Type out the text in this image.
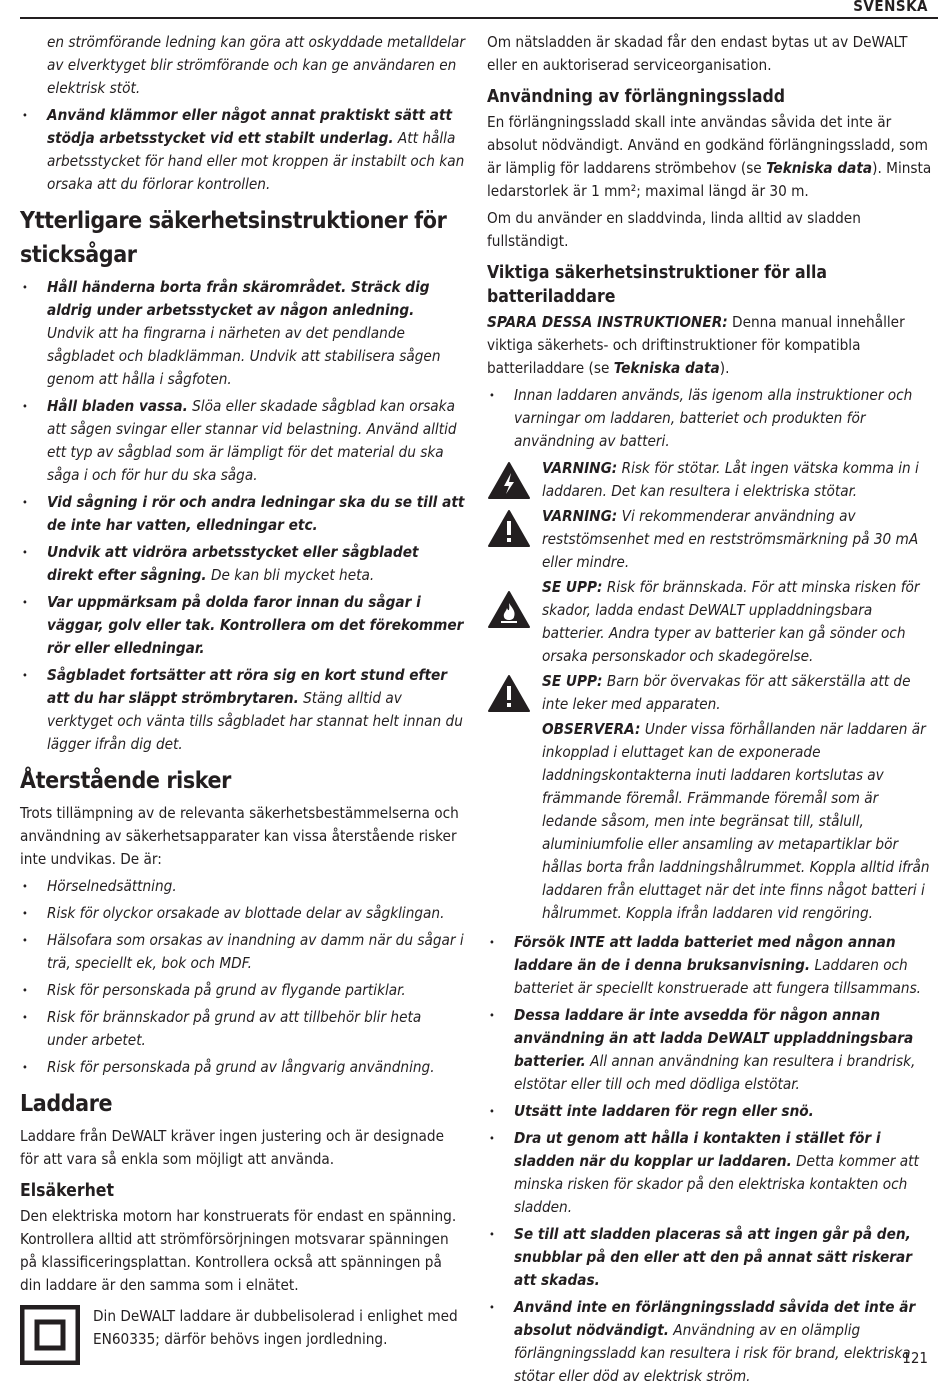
SVENSKA
en strömförande ledning kan göra att oskyddade metalldelar av elverktyget blir strömförande och kan ge användaren en elektrisk stöt.
• Använd klämmor eller något annat praktiskt sätt att stödja arbetsstycket vid ett stabilt underlag. Att hålla arbetsstycket för hand eller mot kroppen är instabilt och kan orsaka att du förlorar kontrollen.
Ytterligare säkerhetsinstruktioner för sticksågar
• Håll händerna borta från skärområdet. Sträck dig aldrig under arbetsstycket av någon anledning. Undvik att ha fingrarna i närheten av det pendlande sågbladet och bladklämman. Undvik att stabilisera sågen genom att hålla i sågfoten.
• Håll bladen vassa. Slöa eller skadade sågblad kan orsaka att sågen svingar eller stannar vid belastning. Använd alltid ett typ av sågblad som är lämpligt för det material du ska såga i och för hur du ska såga.
• Vid sågning i rör och andra ledningar ska du se till att de inte har vatten, elledningar etc.
• Undvik att vidröra arbetsstycket eller sågbladet direkt efter sågning. De kan bli mycket heta.
• Var uppmärksam på dolda faror innan du sågar i väggar, golv eller tak. Kontrollera om det förekommer rör eller elledningar.
• Sågbladet fortsätter att röra sig en kort stund efter att du har släppt strömbrytaren. Stäng alltid av verktyget och vänta tills sågbladet har stannat helt innan du lägger ifrån dig det.
Återstående risker

Trots tillämpning av de relevanta säkerhetsbestämmelserna och användning av säkerhetsapparater kan vissa återstående risker inte undvikas. De är:

• Hörselnedsättning.
• Risk för olyckor orsakade av blottade delar av sågklingan.
• Hälsofara som orsakas av inandning av damm när du sågar i trä, speciellt ek, bok och MDF.
• Risk för personskada på grund av flygande partiklar.
• Risk för brännskador på grund av att tillbehör blir heta under arbetet.
• Risk för personskada på grund av långvarig användning.
Laddare

Laddare från DeWALT kräver ingen justering och är designade för att vara så enkla som möjligt att använda.

Elsäkerhet

Den elektriska motorn har konstruerats för endast en spänning. Kontrollera alltid att strömförsörjningen motsvarar spänningen på klassificeringsplattan. Kontrollera också att spänningen på din laddare är den samma som i elnätet.

Din DeWALT laddare är dubbelisolerad i enlighet med EN60335; därför behövs ingen jordledning.

Om nätsladden är skadad får den endast bytas ut av DeWALT eller en auktoriserad serviceorganisation.

Användning av förlängningssladd

En förlängningssladd skall inte användas såvida det inte är absolut nödvändigt. Använd en godkänd förlängningssladd, som är lämplig för laddarens strömbehov (se Tekniska data). Minsta ledarstorlek är 1 mm²; maximal längd är 30 m.

Om du använder en sladdvinda, linda alltid av sladden fullständigt.

Viktiga säkerhetsinstruktioner för alla batteriladdare

SPARA DESSA INSTRUKTIONER: Denna manual innehåller viktiga säkerhets- och driftinstruktioner för kompatibla batteriladdare (se Tekniska data).

• Innan laddaren används, läs igenom alla instruktioner och varningar om laddaren, batteriet och produkten för användning av batteri.

VARNING: Risk för stötar. Låt ingen vätska komma in i laddaren. Det kan resultera i elektriska stötar.

VARNING: Vi rekommenderar användning av reststömsenhet med en restströmsmärkning på 30 mA eller mindre.

SE UPP: Risk för brännskada. För att minska risken för skador, ladda endast DeWALT uppladdningsbara batterier. Andra typer av batterier kan gå sönder och orsaka personskador och skadegörelse.

SE UPP: Barn bör övervakas för att säkerställa att de inte leker med apparaten.

OBSERVERA: Under vissa förhållanden när laddaren är inkopplad i eluttaget kan de exponerade laddningskontakterna inuti laddaren kortslutas av främmande föremål. Främmande föremål som är ledande såsom, men inte begränsat till, stålull, aluminiumfolie eller ansamling av metapartiklar bör hållas borta från laddningshålrummet. Koppla alltid ifrån laddaren från eluttaget när det inte finns något batteri i hålrummet. Koppla ifrån laddaren vid rengöring.

• Försök INTE att ladda batteriet med någon annan laddare än de i denna bruksanvisning. Laddaren och batteriet är speciellt konstruerade att fungera tillsammans.
• Dessa laddare är inte avsedda för någon annan användning än att ladda DeWALT uppladdningsbara batterier. All annan användning kan resultera i brandrisk, elstötar eller till och med dödliga elstötar.
• Utsätt inte laddaren för regn eller snö.
• Dra ut genom att hålla i kontakten i stället för i sladden när du kopplar ur laddaren. Detta kommer att minska risken för skador på den elektriska kontakten och sladden.
• Se till att sladden placeras så att ingen går på den, snubblar på den eller att den på annat sätt riskerar att skadas.
• Använd inte en förlängningssladd såvida det inte är absolut nödvändigt. Användning av en olämplig förlängningssladd kan resultera i risk för brand, elektriska stötar eller död av elektrisk ström.
121
